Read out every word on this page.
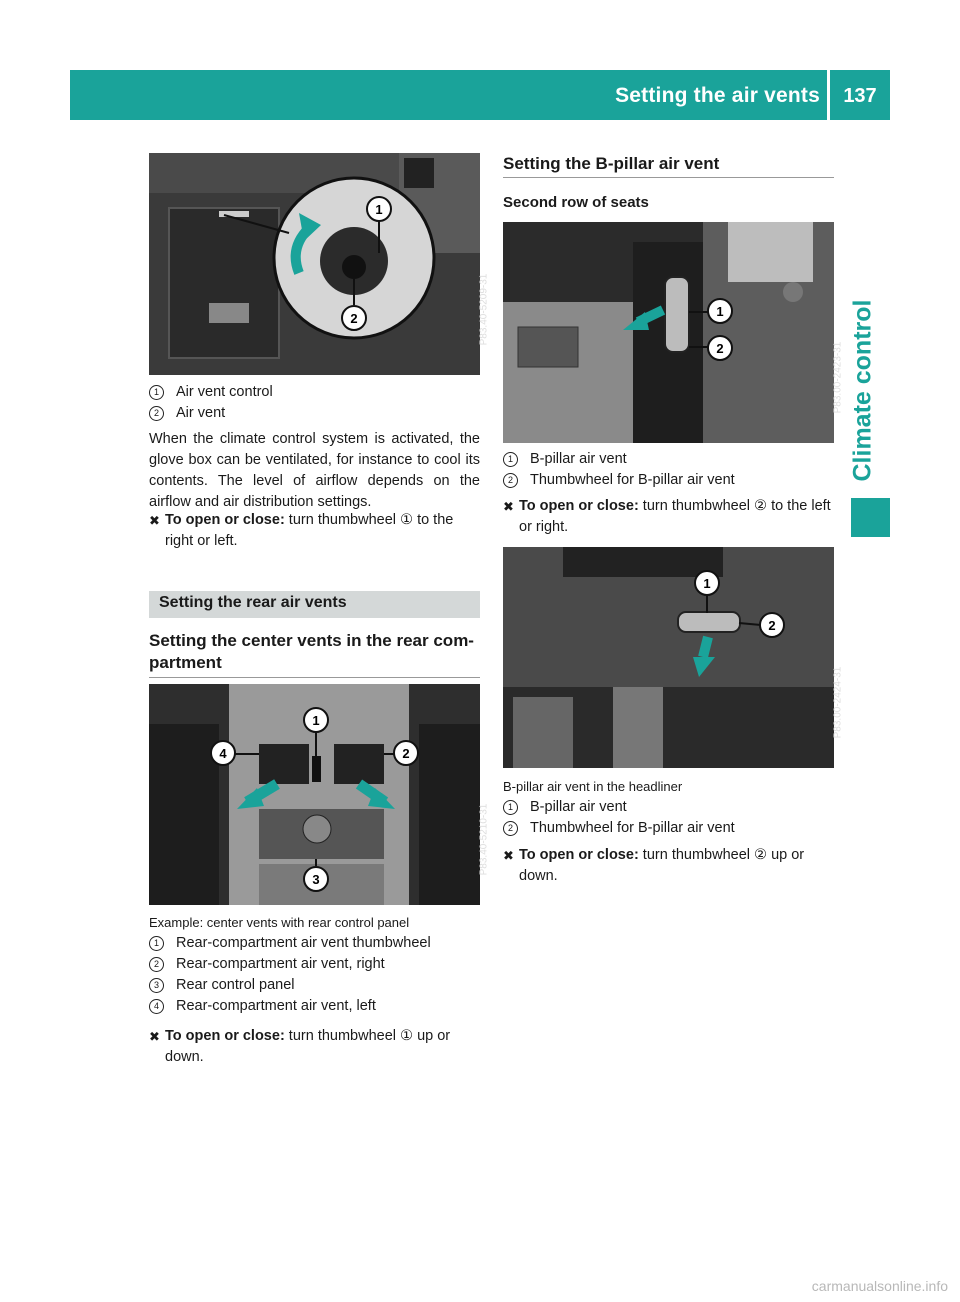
Setting the air vents	137
Climate control
1
2	P83.40-5209-31
1	Air vent control
2	Air vent
When the climate control system is activated, the glove box can be ventilated, for instance to cool its contents. The level of airflow depends on the airflow and air distribution settings.
✖ To open or close: turn thumbwheel ① to the right or left.
Setting the rear air vents
Setting the center vents in the rear com-partment
1
2
3
4
P83.40-5210-31
Example: center vents with rear control panel
1	Rear-compartment air vent thumbwheel
2	Rear-compartment air vent, right
3	Rear control panel
4	Rear-compartment air vent, left
✖ To open or close: turn thumbwheel ① up or down.
Setting the B-pillar air vent
Second row of seats
1
2	P83.00-2423-31
1	B-pillar air vent
2	Thumbwheel for B-pillar air vent
✖ To open or close: turn thumbwheel ② to the left or right.
1
2
P83.00-2424-31
B-pillar air vent in the headliner
1	B-pillar air vent
2	Thumbwheel for B-pillar air vent
✖ To open or close: turn thumbwheel ② up or down.
carmanualsonline.info
